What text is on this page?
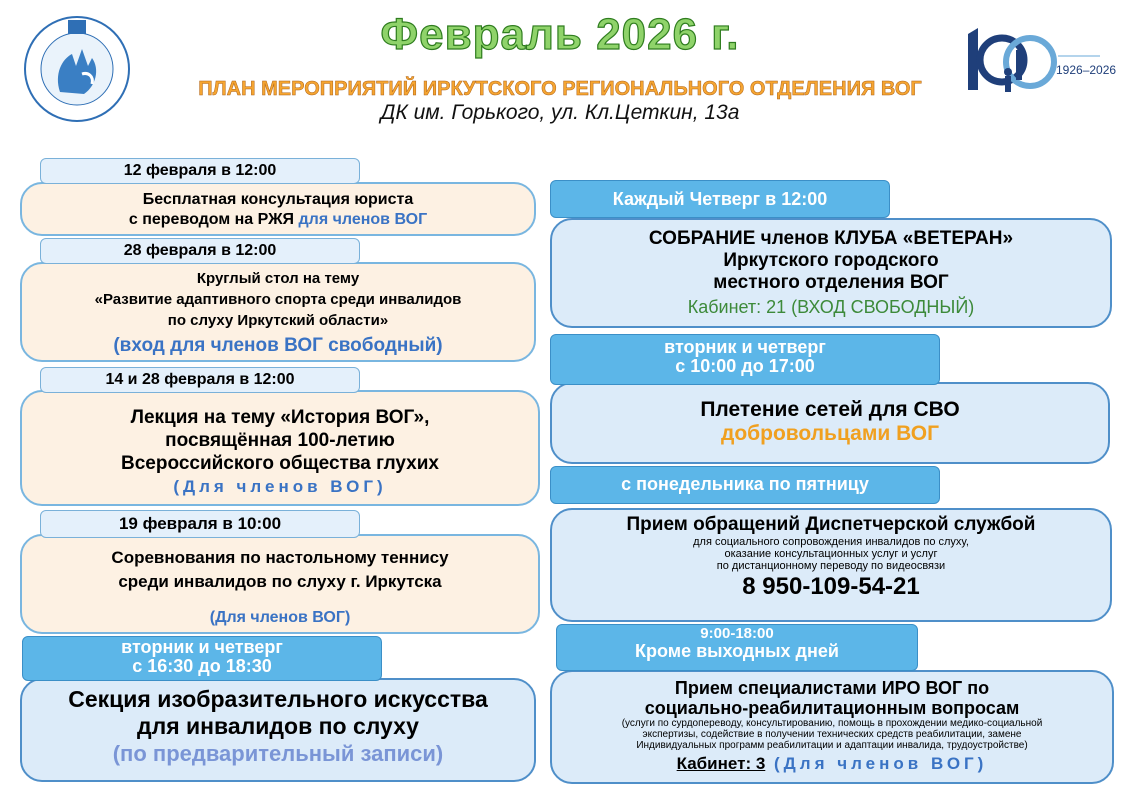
1926–2026
Февраль 2026 г.
ПЛАН МЕРОПРИЯТИЙ ИРКУТСКОГО РЕГИОНАЛЬНОГО ОТДЕЛЕНИЯ ВОГ
ДК им. Горького, ул. Кл.Цеткин, 13а
Бесплатная консультация юриста
с переводом на РЖЯ для членов ВОГ
12 февраля в 12:00
Круглый стол на тему
«Развитие адаптивного спорта среди инвалидов
по слуху Иркутский области»
(вход для членов ВОГ свободный)
28 февраля в 12:00
Лекция на тему «История ВОГ»,
посвящённая 100-летию
Всероссийского общества глухих
(Для членов ВОГ)
14 и 28 февраля в 12:00
Соревнования по настольному теннису
среди инвалидов по слуху г. Иркутска
(Для членов ВОГ)
19 февраля в 10:00
Секция изобразительного искусства
для инвалидов по слуху
(по предварительный записи)
вторник и четверг
с 16:30 до 18:30
СОБРАНИЕ членов КЛУБА «ВЕТЕРАН»
Иркутского городского
местного отделения ВОГ
Кабинет: 21 (ВХОД СВОБОДНЫЙ)
Каждый Четверг в 12:00
Плетение сетей для СВО
добровольцами ВОГ
вторник и четверг
с 10:00 до 17:00
с понедельника по пятницу
Прием обращений Диспетчерской службой
для социального сопровождения инвалидов по слуху,
оказание консультационных услуг и услуг
по дистанционному переводу по видеосвязи
8 950-109-54-21
Прием специалистами ИРО ВОГ по
социально-реабилитационным вопросам
(услуги по сурдопереводу, консультированию, помощь в прохождении медико-социальной
экспертизы, содействие в получении технических средств реабилитации, замене
Индивидуальных программ реабилитации и адаптации инвалида, трудоустройстве)
Кабинет: 3 (Для членов ВОГ)
9:00-18:00
Кроме выходных дней
